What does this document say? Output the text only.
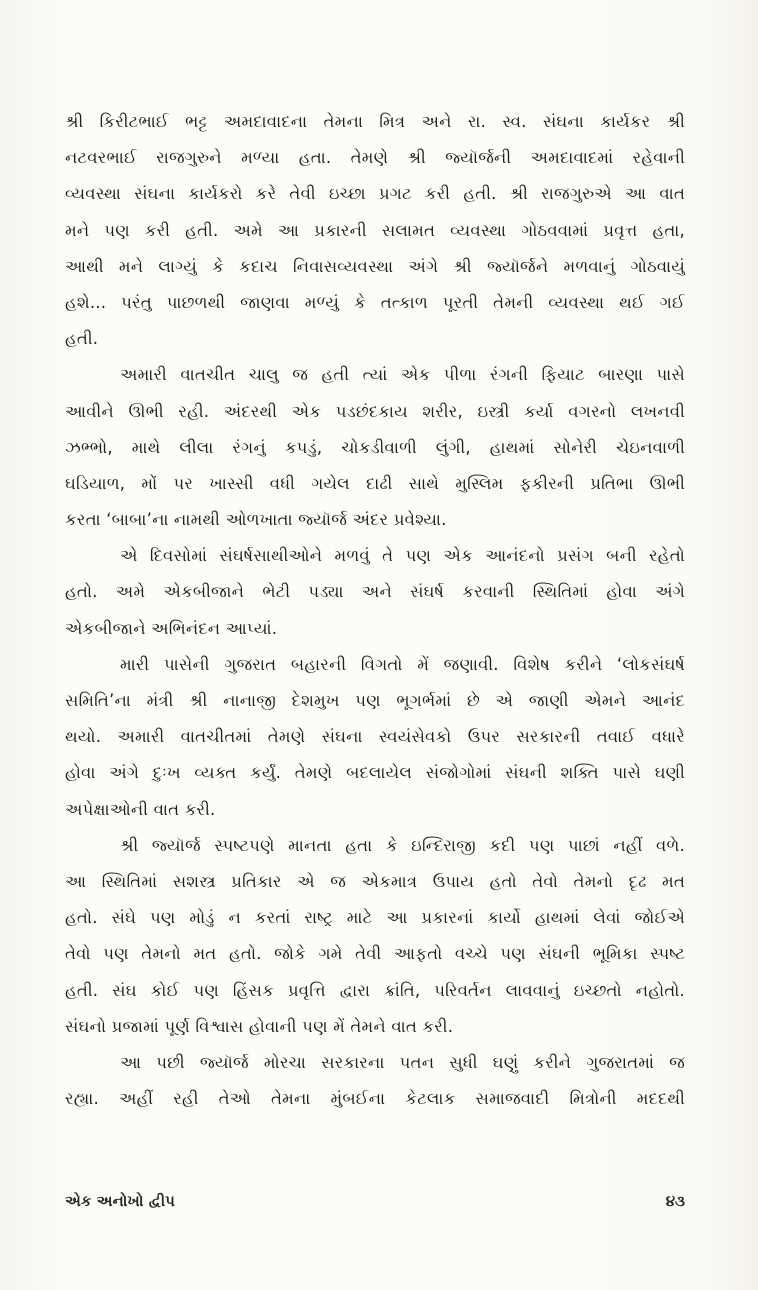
શ્રી કિરીટભાઈ ભટ્ટ અમદાવાદના તેમના મિત્ર અને રા. સ્વ. સંઘના કાર્યકર શ્રી
નટવરભાઈ રાજગુરુને મળ્યા હતા. તેમણે શ્રી જ્યૉર્જની અમદાવાદમાં રહેવાની
વ્યવસ્થા સંઘના કાર્યકરો કરે તેવી ઇચ્છા પ્રગટ કરી હતી. શ્રી રાજગુરુએ આ વાત
મને પણ કરી હતી. અમે આ પ્રકારની સલામત વ્યવસ્થા ગોઠવવામાં પ્રવૃત્ત હતા,
આથી મને લાગ્યું કે કદાચ નિવાસવ્યવસ્થા અંગે શ્રી જ્યૉર્જને મળવાનું ગોઠવાયું
હશે... પરંતુ પાછળથી જાણવા મળ્યું કે તત્કાળ પૂરતી તેમની વ્યવસ્થા થઈ ગઈ
હતી.
અમારી વાતચીત ચાલુ જ હતી ત્યાં એક પીળા રંગની ફિયાટ બારણા પાસે
આવીને ઊભી રહી. અંદરથી એક પડછંદકાય શરીર, ઇસ્ત્રી કર્યા વગરનો લખનવી
ઝભ્ભો, માથે લીલા રંગનું કપડું, ચોકડીવાળી લુંગી, હાથમાં સોનેરી ચેઇનવાળી
ઘડિયાળ, મોં પર ખાસ્સી વધી ગયેલ દાઢી સાથે મુસ્લિમ ફકીરની પ્રતિભા ઊભી
કરતા ‘બાબા’ના નામથી ઓળખાતા જ્યૉર્જ અંદર પ્રવેશ્યા.
એ દિવસોમાં સંઘર્ષસાથીઓને મળવું તે પણ એક આનંદનો પ્રસંગ બની રહેતો
હતો. અમે એકબીજાને ભેટી પડ્યા અને સંઘર્ષ કરવાની સ્થિતિમાં હોવા અંગે
એકબીજાને અભિનંદન આપ્યાં.
મારી પાસેની ગુજરાત બહારની વિગતો મેં જણાવી. વિશેષ કરીને ‘લોકસંઘર્ષ
સમિતિ’ના મંત્રી શ્રી નાનાજી દેશમુખ પણ ભૂગર્ભમાં છે એ જાણી એમને આનંદ
થયો. અમારી વાતચીતમાં તેમણે સંઘના સ્વયંસેવકો ઉપર સરકારની તવાઈ વધારે
હોવા અંગે દુઃખ વ્યક્ત કર્યું. તેમણે બદલાયેલ સંજોગોમાં સંઘની શક્તિ પાસે ઘણી
અપેક્ષાઓની વાત કરી.
શ્રી જ્યૉર્જ સ્પષ્ટપણે માનતા હતા કે ઇન્દિરાજી કદી પણ પાછાં નહીં વળે.
આ સ્થિતિમાં સશસ્ત્ર પ્રતિકાર એ જ એકમાત્ર ઉપાય હતો તેવો તેમનો દૃઢ મત
હતો. સંઘે પણ મોડું ન કરતાં રાષ્ટ્ર માટે આ પ્રકારનાં કાર્યો હાથમાં લેવાં જોઈએ
તેવો પણ તેમનો મત હતો. જોકે ગમે તેવી આફતો વચ્ચે પણ સંઘની ભૂમિકા સ્પષ્ટ
હતી. સંઘ કોઈ પણ હિંસક પ્રવૃત્તિ દ્વારા ક્રાંતિ, પરિવર્તન લાવવાનું ઇચ્છતો નહોતો.
સંઘનો પ્રજામાં પૂર્ણ વિશ્વાસ હોવાની પણ મેં તેમને વાત કરી.
આ પછી જ્યૉર્જ મોરચા સરકારના પતન સુધી ઘણું કરીને ગુજરાતમાં જ
રહ્યા. અહીં રહી તેઓ તેમના મુંબઈના કેટલાક સમાજવાદી મિત્રોની મદદથી
એક અનોખો દ્વીપ	૪૩
